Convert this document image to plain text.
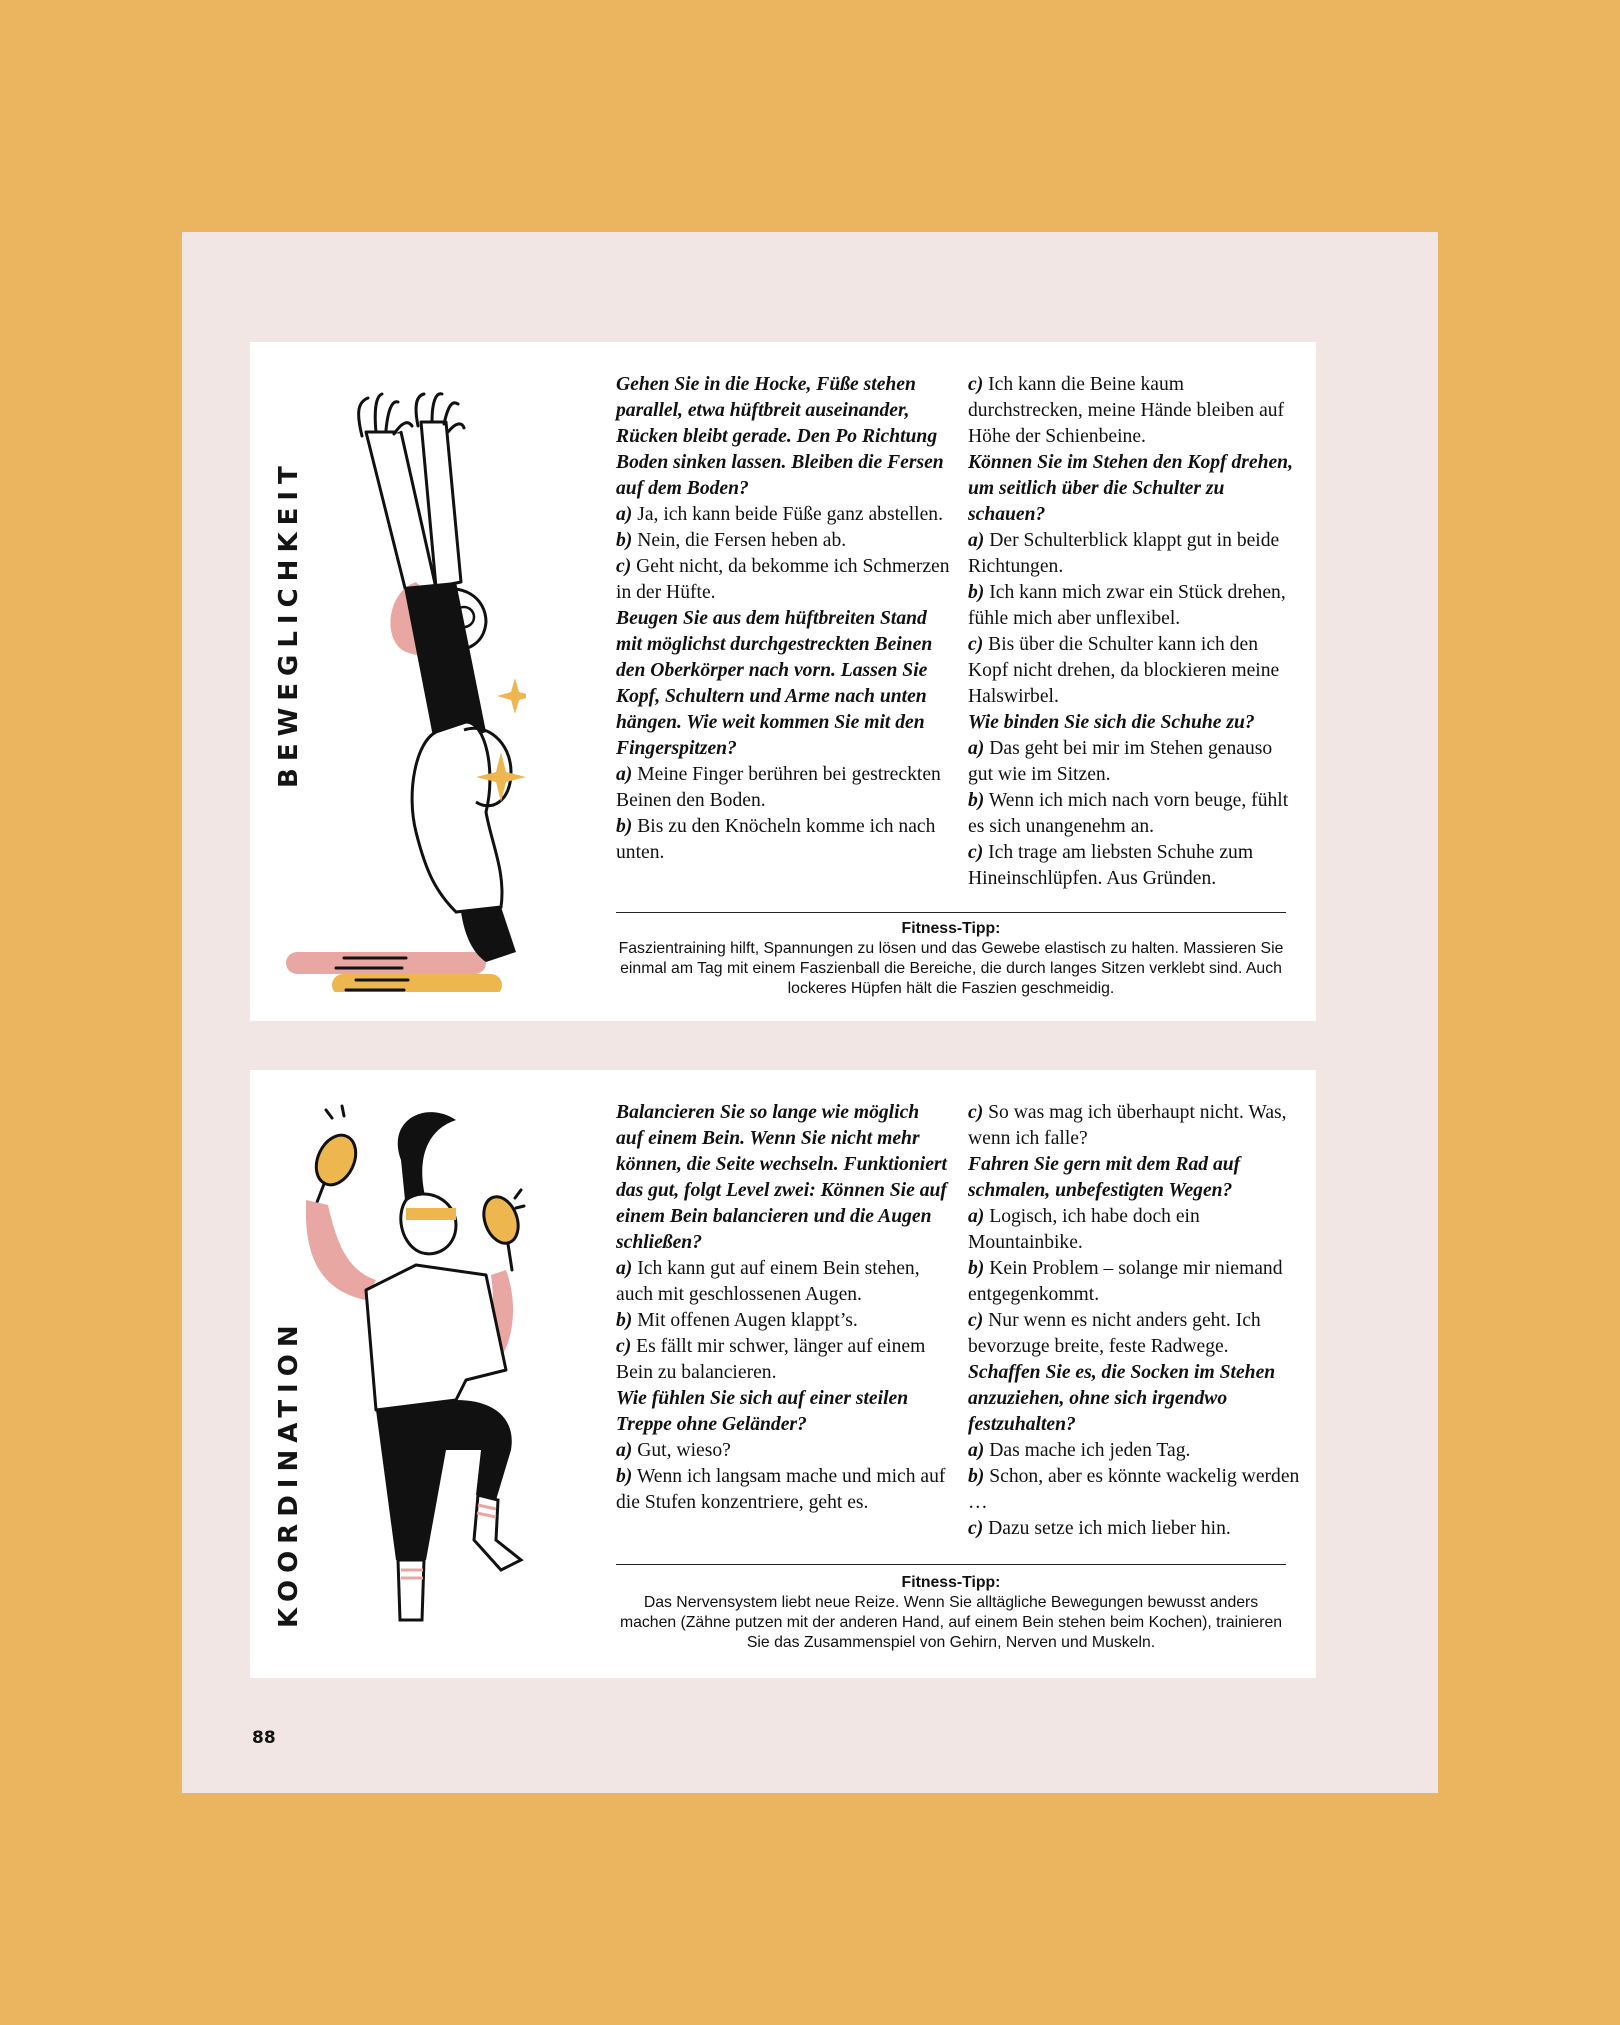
BEWEGLICHKEIT

Gehen Sie in die Hocke, Füße stehen parallel, etwa hüftbreit auseinander, Rücken bleibt gerade. Den Po Richtung Boden sinken lassen. Bleiben die Fersen auf dem Boden?

a) Ja, ich kann beide Füße ganz abstellen.

b) Nein, die Fersen heben ab.

c) Geht nicht, da bekomme ich Schmerzen in der Hüfte.

Beugen Sie aus dem hüftbreiten Stand mit möglichst durchgestreckten Beinen den Oberkörper nach vorn. Lassen Sie Kopf, Schultern und Arme nach unten hängen. Wie weit kommen Sie mit den Fingerspitzen?

a) Meine Finger berühren bei gestreckten Beinen den Boden.

b) Bis zu den Knöcheln komme ich nach unten.

c) Ich kann die Beine kaum durchstrecken, meine Hände bleiben auf Höhe der Schienbeine.

Können Sie im Stehen den Kopf drehen, um seitlich über die Schulter zu schauen?

a) Der Schulterblick klappt gut in beide Richtungen.

b) Ich kann mich zwar ein Stück drehen, fühle mich aber unflexibel.

c) Bis über die Schulter kann ich den Kopf nicht drehen, da blockieren meine Halswirbel.

Wie binden Sie sich die Schuhe zu?

a) Das geht bei mir im Stehen genauso gut wie im Sitzen.

b) Wenn ich mich nach vorn beuge, fühlt es sich unangenehm an.

c) Ich trage am liebsten Schuhe zum Hineinschlüpfen. Aus Gründen.

Fitness-Tipp:
Faszientraining hilft, Spannungen zu lösen und das Gewebe elastisch zu halten. Massieren Sie einmal am Tag mit einem Faszienball die Bereiche, die durch langes Sitzen verklebt sind. Auch lockeres Hüpfen hält die Faszien geschmeidig.
KOORDINATION

Balancieren Sie so lange wie möglich auf einem Bein. Wenn Sie nicht mehr können, die Seite wechseln. Funktioniert das gut, folgt Level zwei: Können Sie auf einem Bein balancieren und die Augen schließen?

a) Ich kann gut auf einem Bein stehen, auch mit geschlossenen Augen.

b) Mit offenen Augen klappt’s.

c) Es fällt mir schwer, länger auf einem Bein zu balancieren.

Wie fühlen Sie sich auf einer steilen Treppe ohne Geländer?

a) Gut, wieso?

b) Wenn ich langsam mache und mich auf die Stufen konzentriere, geht es.

c) So was mag ich überhaupt nicht. Was, wenn ich falle?

Fahren Sie gern mit dem Rad auf schmalen, unbefestigten Wegen?

a) Logisch, ich habe doch ein Mountainbike.

b) Kein Problem – solange mir niemand entgegenkommt.

c) Nur wenn es nicht anders geht. Ich bevorzuge breite, feste Radwege.

Schaffen Sie es, die Socken im Stehen anzuziehen, ohne sich irgendwo festzuhalten?

a) Das mache ich jeden Tag.

b) Schon, aber es könnte wackelig werden …

c) Dazu setze ich mich lieber hin.

Fitness-Tipp:
Das Nervensystem liebt neue Reize. Wenn Sie alltägliche Bewegungen bewusst anders machen (Zähne putzen mit der anderen Hand, auf einem Bein stehen beim Kochen), trainieren Sie das Zusammenspiel von Gehirn, Nerven und Muskeln.
88
